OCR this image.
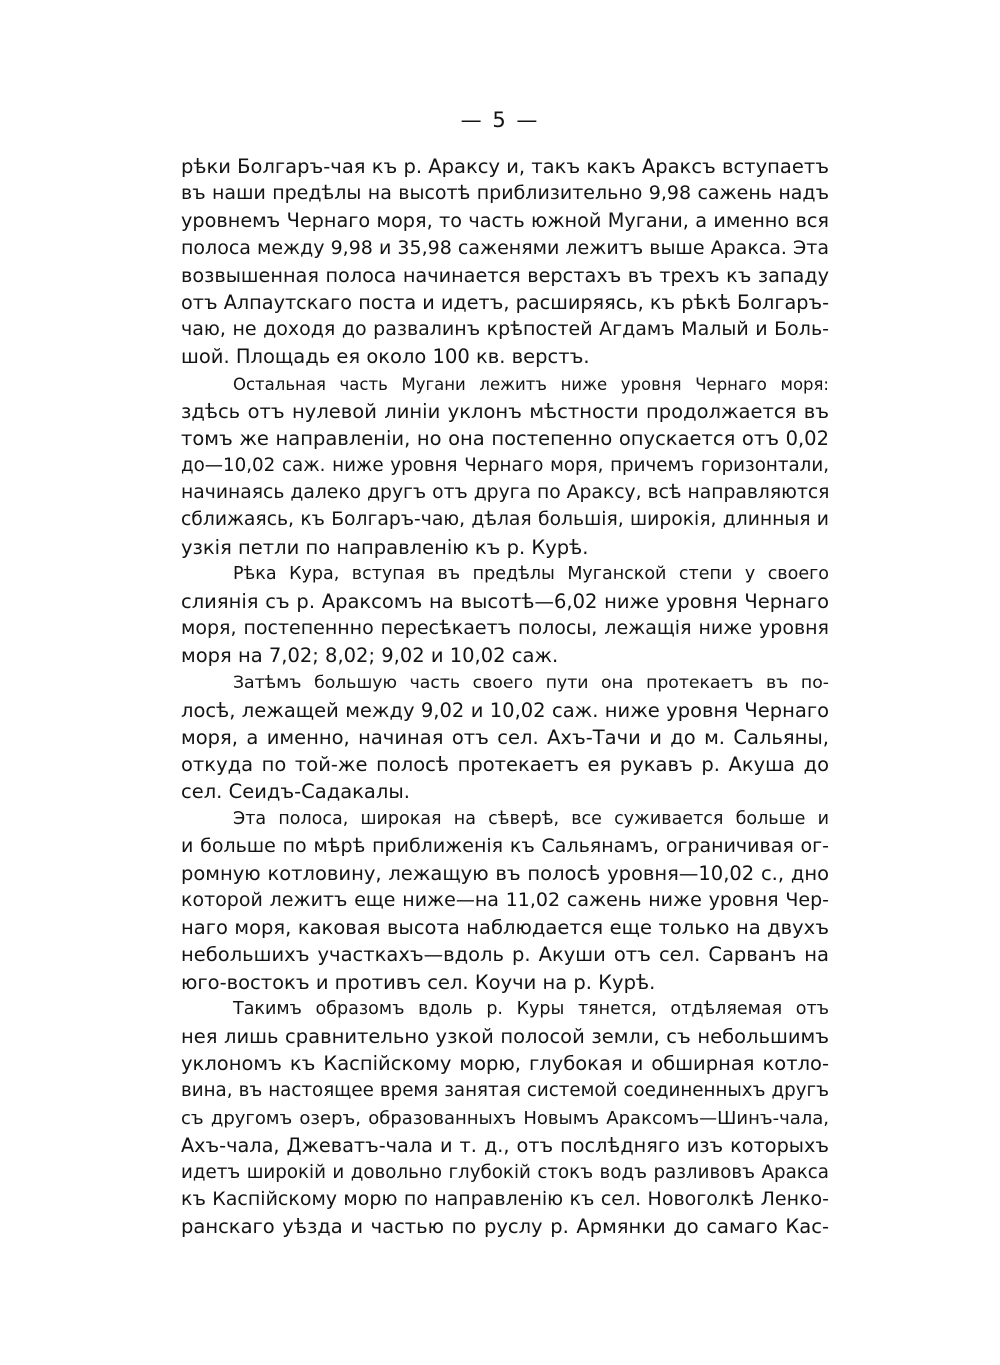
— 5 —
рѣки Болгаръ-чая къ р. Араксу и, такъ какъ Араксъ вступаетъ
въ наши предѣлы на высотѣ приблизительно 9,98 сажень надъ
уровнемъ Чернаго моря, то часть южной Мугани, а именно вся
полоса между 9,98 и 35,98 саженями лежитъ выше Аракса. Эта
возвышенная полоса начинается верстахъ въ трехъ къ западу
отъ Алпаутскаго поста и идетъ, расширяясь, къ рѣкѣ Болгаръ-
чаю, не доходя до развалинъ крѣпостей Агдамъ Малый и Боль-
шой. Площадь ея около 100 кв. верстъ.
Остальная часть Мугани лежитъ ниже уровня Чернаго моря:
здѣсь отъ нулевой линіи уклонъ мѣстности продолжается въ
томъ же направленіи, но она постепенно опускается отъ 0,02
до—10,02 саж. ниже уровня Чернаго моря, причемъ горизонтали,
начинаясь далеко другъ отъ друга по Араксу, всѣ направляются
сближаясь, къ Болгаръ-чаю, дѣлая большія, широкія, длинныя и
узкія петли по направленію къ р. Курѣ.
Рѣка Кура, вступая въ предѣлы Муганской степи у своего
слиянія съ р. Араксомъ на высотѣ—6,02 ниже уровня Чернаго
моря, постепеннно пересѣкаетъ полосы, лежащія ниже уровня
моря на 7,02; 8,02; 9,02 и 10,02 саж.
Затѣмъ большую часть своего пути она протекаетъ въ по-
лосѣ, лежащей между 9,02 и 10,02 саж. ниже уровня Чернаго
моря, а именно, начиная отъ сел. Ахъ-Тачи и до м. Сальяны,
откуда по той-же полосѣ протекаетъ ея рукавъ р. Акуша до
сел. Сеидъ-Садакалы.
Эта полоса, широкая на сѣверѣ, все суживается больше и
и больше по мѣрѣ приближенія къ Сальянамъ, ограничивая ог-
ромную котловину, лежащую въ полосѣ уровня—10,02 с., дно
которой лежитъ еще ниже—на 11,02 сажень ниже уровня Чер-
наго моря, каковая высота наблюдается еще только на двухъ
небольшихъ участкахъ—вдоль р. Акуши отъ сел. Сарванъ на
юго-востокъ и противъ сел. Коучи на р. Курѣ.
Такимъ образомъ вдоль р. Куры тянется, отдѣляемая отъ
нея лишь сравнительно узкой полосой земли, съ небольшимъ
уклономъ къ Каспійскому морю, глубокая и обширная котло-
вина, въ настоящее время занятая системой соединенныхъ другъ
съ другомъ озеръ, образованныхъ Новымъ Араксомъ—Шинъ-чала,
Ахъ-чала, Джеватъ-чала и т. д., отъ послѣдняго изъ которыхъ
идетъ широкій и довольно глубокій стокъ водъ разливовъ Аракса
къ Каспійскому морю по направленію къ сел. Новоголкѣ Ленко-
ранскаго уѣзда и частью по руслу р. Армянки до самаго Кас-
